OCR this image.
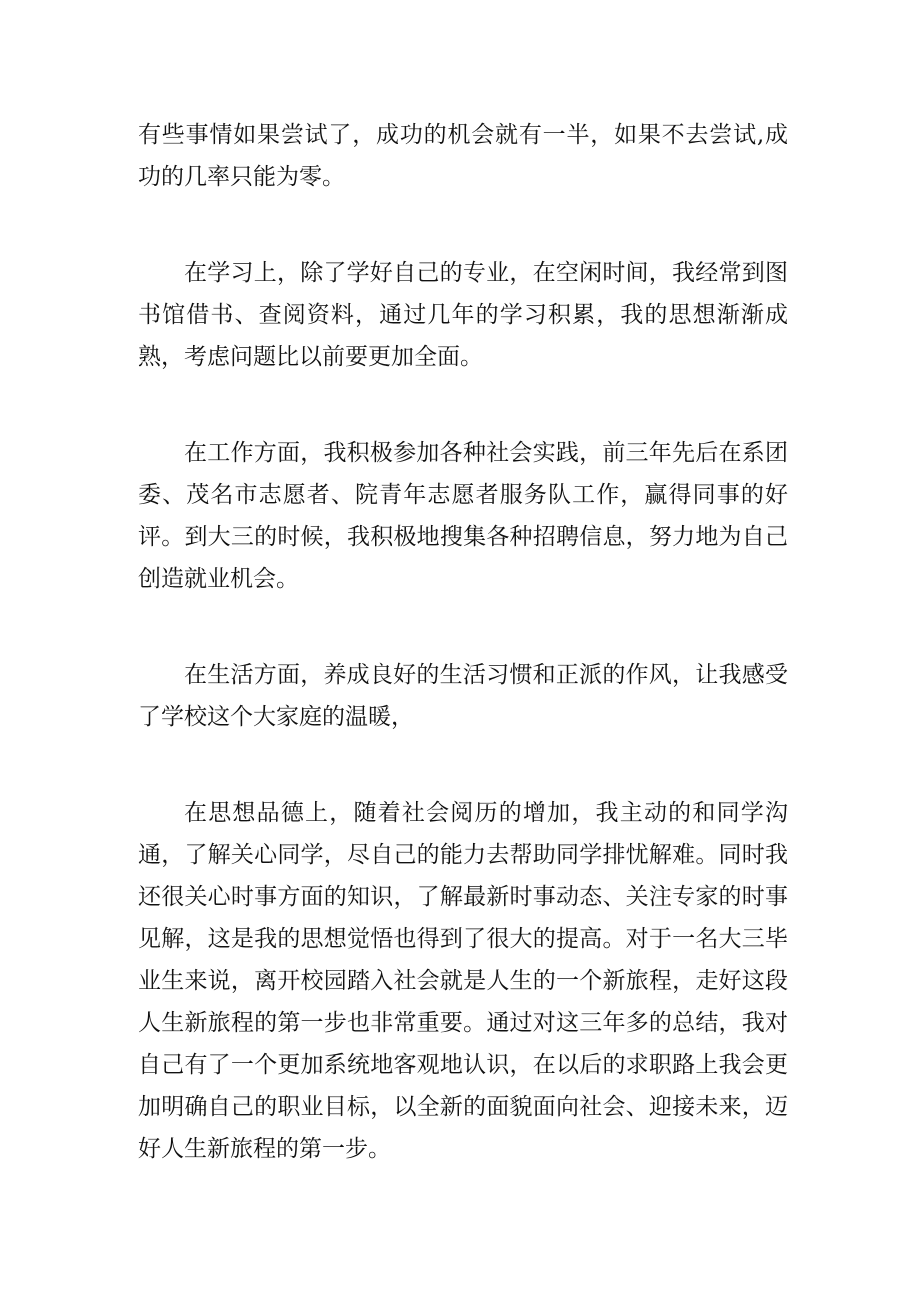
有些事情如果尝试了，成功的机会就有一半，如果不去尝试,成功的几率只能为零。

在学习上，除了学好自己的专业，在空闲时间，我经常到图书馆借书、查阅资料，通过几年的学习积累，我的思想渐渐成熟，考虑问题比以前要更加全面。

在工作方面，我积极参加各种社会实践，前三年先后在系团委、茂名市志愿者、院青年志愿者服务队工作，赢得同事的好评。到大三的时候，我积极地搜集各种招聘信息，努力地为自己创造就业机会。

在生活方面，养成良好的生活习惯和正派的作风，让我感受了学校这个大家庭的温暖，

在思想品德上，随着社会阅历的增加，我主动的和同学沟通，了解关心同学，尽自己的能力去帮助同学排忧解难。同时我还很关心时事方面的知识，了解最新时事动态、关注专家的时事见解，这是我的思想觉悟也得到了很大的提高。对于一名大三毕业生来说，离开校园踏入社会就是人生的一个新旅程，走好这段人生新旅程的第一步也非常重要。通过对这三年多的总结，我对自己有了一个更加系统地客观地认识，在以后的求职路上我会更加明确自己的职业目标，以全新的面貌面向社会、迎接未来，迈好人生新旅程的第一步。
